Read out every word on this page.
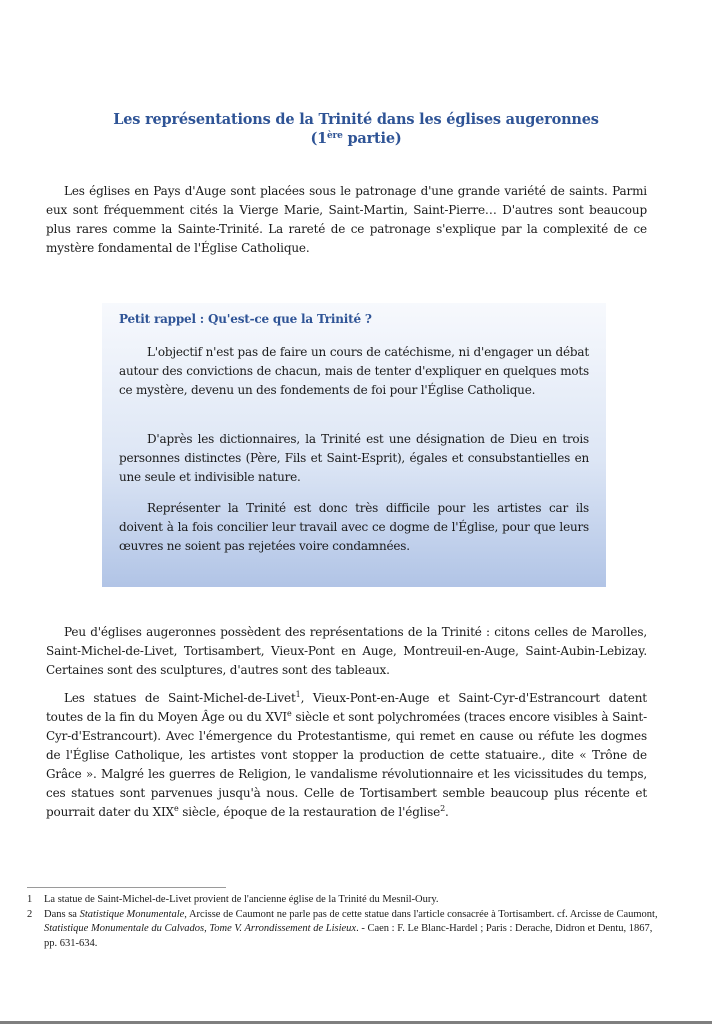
Les représentations de la Trinité dans les églises augeronnes
(1ère partie)

Les églises en Pays d'Auge sont placées sous le patronage d'une grande variété de saints. Parmi eux sont fréquemment cités la Vierge Marie, Saint-Martin, Saint-Pierre… D'autres sont beaucoup plus rares comme la Sainte-Trinité. La rareté de ce patronage s'explique par la complexité de ce mystère fondamental de l'Église Catholique.

Petit rappel : Qu'est-ce que la Trinité ?

L'objectif n'est pas de faire un cours de catéchisme, ni d'engager un débat autour des convictions de chacun, mais de tenter d'expliquer en quelques mots ce mystère, devenu un des fondements de foi pour l'Église Catholique.

D'après les dictionnaires, la Trinité est une désignation de Dieu en trois personnes distinctes (Père, Fils et Saint-Esprit), égales et consubstantielles en une seule et indivisible nature.

Représenter la Trinité est donc très difficile pour les artistes car ils doivent à la fois concilier leur travail avec ce dogme de l'Église, pour que leurs œuvres ne soient pas rejetées voire condamnées.

Peu d'églises augeronnes possèdent des représentations de la Trinité : citons celles de Marolles, Saint-Michel-de-Livet, Tortisambert, Vieux-Pont en Auge, Montreuil-en-Auge, Saint-Aubin-Lebizay. Certaines sont des sculptures, d'autres sont des tableaux.

Les statues de Saint-Michel-de-Livet$^1$, Vieux-Pont-en-Auge et Saint-Cyr-d'Estrancourt datent toutes de la fin du Moyen Âge ou du XVIe siècle et sont polychromées (traces encore visibles à Saint-Cyr-d'Estrancourt). Avec l'émergence du Protestantisme, qui remet en cause ou réfute les dogmes de l'Église Catholique, les artistes vont stopper la production de cette statuaire., dite « Trône de Grâce ». Malgré les guerres de Religion, le vandalisme révolutionnaire et les vicissitudes du temps, ces statues sont parvenues jusqu'à nous. Celle de Tortisambert semble beaucoup plus récente et pourrait dater du XIXe siècle, époque de la restauration de l'église$^2$.

1	La statue de Saint-Michel-de-Livet provient de l'ancienne église de la Trinité du Mesnil-Oury.
2	Dans sa Statistique Monumentale, Arcisse de Caumont ne parle pas de cette statue dans l'article consacrée à Tortisambert. cf. Arcisse de Caumont, Statistique Monumentale du Calvados, Tome V. Arrondissement de Lisieux. - Caen : F. Le Blanc-Hardel ; Paris : Derache, Didron et Dentu, 1867, pp. 631-634.
